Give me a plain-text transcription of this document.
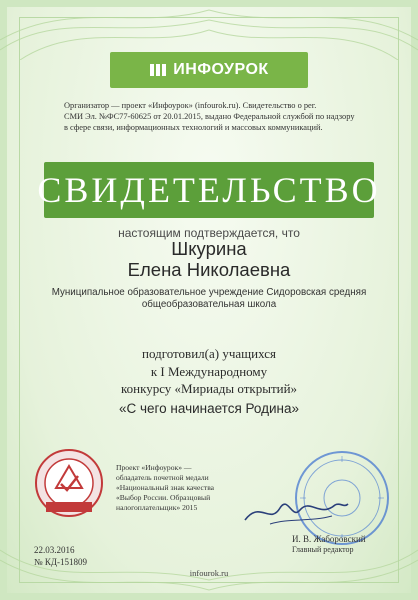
ИНФОУРОК
Организатор — проект «Инфоурок» (infourok.ru). Свидетельство о рег.
СМИ Эл. №ФС77-60625 от 20.01.2015, выдано Федеральной службой по надзору
в сфере связи, информационных технологий и массовых коммуникаций.
СВИДЕТЕЛЬСТВО
настоящим подтверждается, что
Шкурина
Елена Николаевна
Муниципальное образовательное учреждение Сидоровская средняя общеобразовательная школа
подготовил(а) учащихся
к I Международному
конкурсу «Мириады открытий»
«С чего начинается Родина»
Проект «Инфоурок» —
обладатель почетной медали
«Национальный знак качества
«Выбор России. Образцовый
налогоплательщик» 2015
И. В. Жаборовский
Главный редактор
22.03.2016
№ КД-151809
infourok.ru
